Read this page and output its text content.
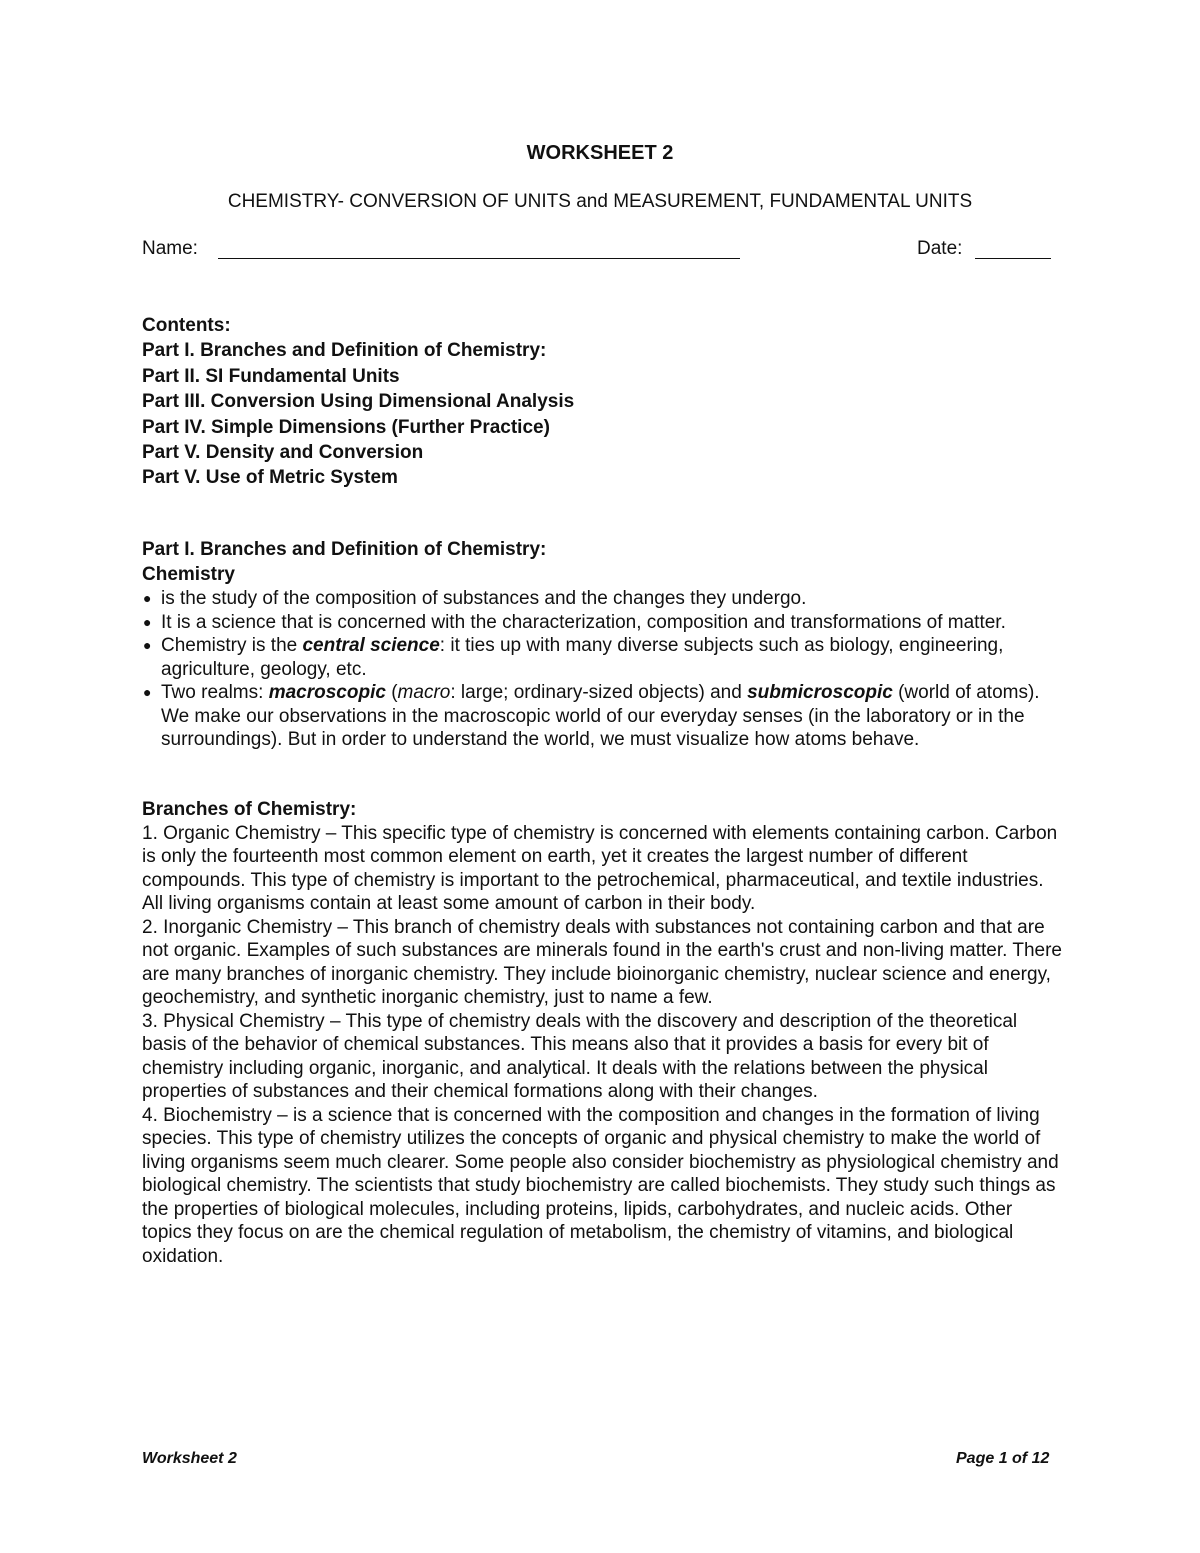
WORKSHEET 2
CHEMISTRY- CONVERSION OF UNITS and MEASUREMENT, FUNDAMENTAL UNITS
Name:	Date:
Contents:
Part I. Branches and Definition of Chemistry:
Part II. SI Fundamental Units
Part III. Conversion Using Dimensional Analysis
Part IV. Simple Dimensions (Further Practice)
Part V. Density and Conversion
Part V. Use of Metric System
Part I. Branches and Definition of Chemistry:
Chemistry
● is the study of the composition of substances and the changes they undergo.
● It is a science that is concerned with the characterization, composition and transformations of matter.
● Chemistry is the central science: it ties up with many diverse subjects such as biology, engineering, agriculture, geology, etc.
● Two realms: macroscopic (macro: large; ordinary-sized objects) and submicroscopic (world of atoms). We make our observations in the macroscopic world of our everyday senses (in the laboratory or in the surroundings). But in order to understand the world, we must visualize how atoms behave.
Branches of Chemistry:
1. Organic Chemistry – This specific type of chemistry is concerned with elements containing carbon. Carbon is only the fourteenth most common element on earth, yet it creates the largest number of different compounds. This type of chemistry is important to the petrochemical, pharmaceutical, and textile industries. All living organisms contain at least some amount of carbon in their body.
2. Inorganic Chemistry – This branch of chemistry deals with substances not containing carbon and that are not organic. Examples of such substances are minerals found in the earth's crust and non-living matter. There are many branches of inorganic chemistry. They include bioinorganic chemistry, nuclear science and energy, geochemistry, and synthetic inorganic chemistry, just to name a few.
3. Physical Chemistry – This type of chemistry deals with the discovery and description of the theoretical basis of the behavior of chemical substances. This means also that it provides a basis for every bit of chemistry including organic, inorganic, and analytical. It deals with the relations between the physical properties of substances and their chemical formations along with their changes.
4. Biochemistry – is a science that is concerned with the composition and changes in the formation of living species. This type of chemistry utilizes the concepts of organic and physical chemistry to make the world of living organisms seem much clearer. Some people also consider biochemistry as physiological chemistry and biological chemistry. The scientists that study biochemistry are called biochemists. They study such things as the properties of biological molecules, including proteins, lipids, carbohydrates, and nucleic acids. Other topics they focus on are the chemical regulation of metabolism, the chemistry of vitamins, and biological oxidation.
Worksheet 2	Page 1 of 12
